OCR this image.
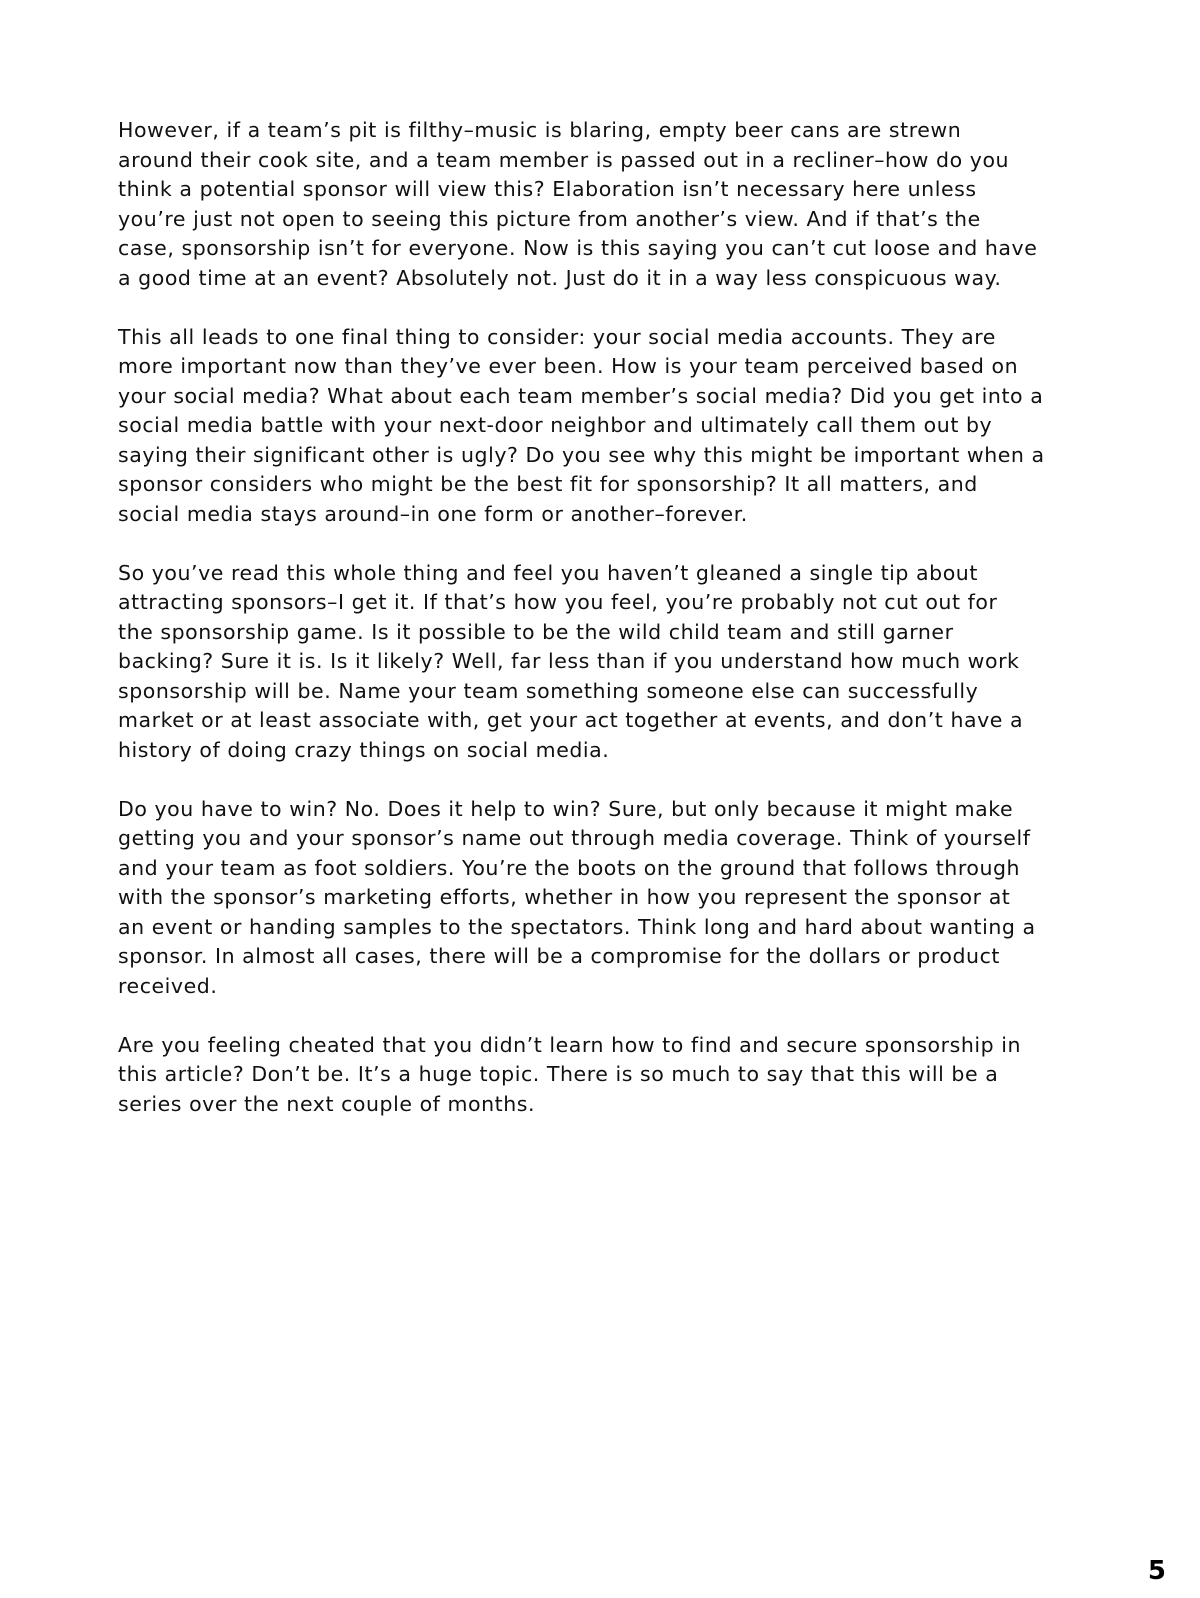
However, if a team’s pit is filthy–music is blaring, empty beer cans are strewn
around their cook site, and a team member is passed out in a recliner–how do you
think a potential sponsor will view this? Elaboration isn’t necessary here unless
you’re just not open to seeing this picture from another’s view. And if that’s the
case, sponsorship isn’t for everyone. Now is this saying you can’t cut loose and have
a good time at an event? Absolutely not. Just do it in a way less conspicuous way.

This all leads to one final thing to consider: your social media accounts. They are
more important now than they’ve ever been. How is your team perceived based on
your social media? What about each team member’s social media? Did you get into a
social media battle with your next-door neighbor and ultimately call them out by
saying their significant other is ugly? Do you see why this might be important when a
sponsor considers who might be the best fit for sponsorship? It all matters, and
social media stays around–in one form or another–forever.

So you’ve read this whole thing and feel you haven’t gleaned a single tip about
attracting sponsors–I get it. If that’s how you feel, you’re probably not cut out for
the sponsorship game. Is it possible to be the wild child team and still garner
backing? Sure it is. Is it likely? Well, far less than if you understand how much work
sponsorship will be. Name your team something someone else can successfully
market or at least associate with, get your act together at events, and don’t have a
history of doing crazy things on social media.

Do you have to win? No. Does it help to win? Sure, but only because it might make
getting you and your sponsor’s name out through media coverage. Think of yourself
and your team as foot soldiers. You’re the boots on the ground that follows through
with the sponsor’s marketing efforts, whether in how you represent the sponsor at
an event or handing samples to the spectators. Think long and hard about wanting a
sponsor. In almost all cases, there will be a compromise for the dollars or product
received.

Are you feeling cheated that you didn’t learn how to find and secure sponsorship in
this article? Don’t be. It’s a huge topic. There is so much to say that this will be a
series over the next couple of months.

5
